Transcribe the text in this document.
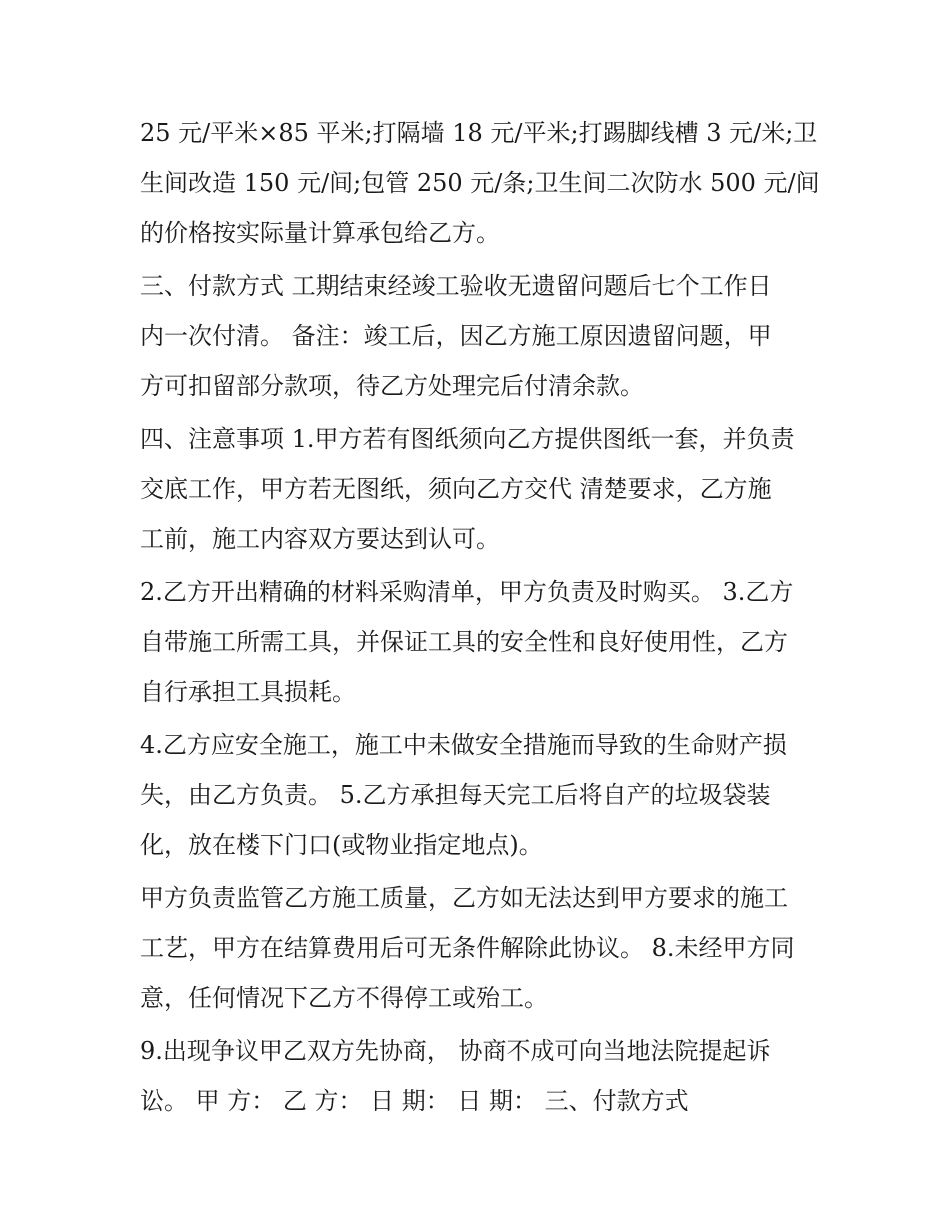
25 元/平米×85 平米;打隔墙 18 元/平米;打踢脚线槽 3 元/米;卫
生间改造 150 元/间;包管 250 元/条;卫生间二次防水 500 元/间
的价格按实际量计算承包给乙方。
三、付款方式 工期结束经竣工验收无遗留问题后七个工作日
内一次付清。 备注：竣工后，因乙方施工原因遗留问题，甲
方可扣留部分款项，待乙方处理完后付清余款。
四、注意事项 1.甲方若有图纸须向乙方提供图纸一套，并负责
交底工作，甲方若无图纸，须向乙方交代 清楚要求，乙方施
工前，施工内容双方要达到认可。
2.乙方开出精确的材料采购清单，甲方负责及时购买。 3.乙方
自带施工所需工具，并保证工具的安全性和良好使用性，乙方
自行承担工具损耗。
4.乙方应安全施工，施工中未做安全措施而导致的生命财产损
失，由乙方负责。 5.乙方承担每天完工后将自产的垃圾袋装
化，放在楼下门口(或物业指定地点)。
甲方负责监管乙方施工质量，乙方如无法达到甲方要求的施工
工艺，甲方在结算费用后可无条件解除此协议。 8.未经甲方同
意，任何情况下乙方不得停工或殆工。
9.出现争议甲乙双方先协商， 协商不成可向当地法院提起诉
讼。 甲 方： 乙 方： 日 期： 日 期： 三、付款方式
